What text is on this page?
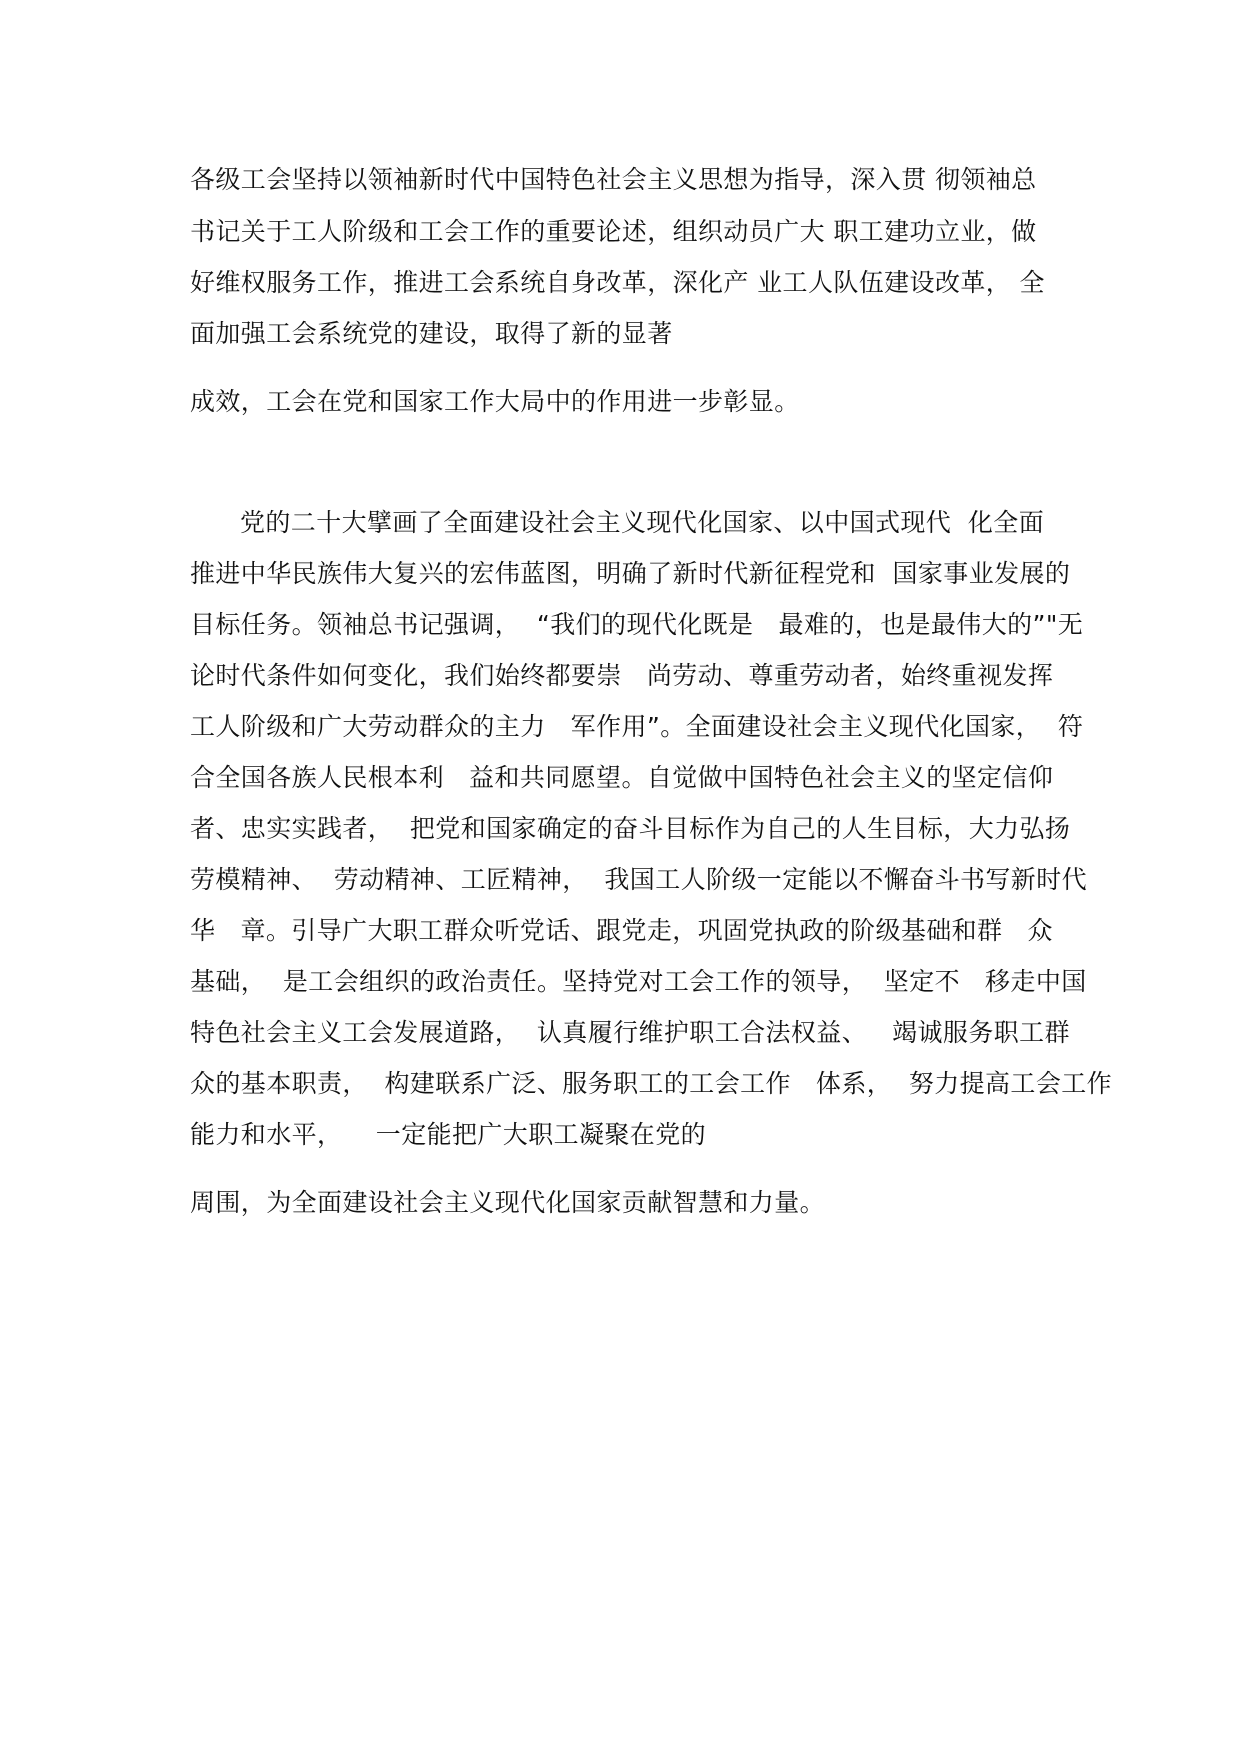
各级工会坚持以领袖新时代中国特色社会主义思想为指导，深入贯 彻领袖总
书记关于工人阶级和工会工作的重要论述，组织动员广大 职工建功立业，做
好维权服务工作，推进工会系统自身改革，深化产 业工人队伍建设改革， 全
面加强工会系统党的建设，取得了新的显著
成效，工会在党和国家工作大局中的作用进一步彰显。
党的二十大擘画了全面建设社会主义现代化国家、以中国式现代  化全面
推进中华民族伟大复兴的宏伟蓝图，明确了新时代新征程党和  国家事业发展的
目标任务。领袖总书记强调，  “我们的现代化既是   最难的，也是最伟大的”"无
论时代条件如何变化，我们始终都要崇   尚劳动、尊重劳动者，始终重视发挥
工人阶级和广大劳动群众的主力   军作用”。全面建设社会主义现代化国家，  符
合全国各族人民根本利   益和共同愿望。自觉做中国特色社会主义的坚定信仰
者、忠实实践者，  把党和国家确定的奋斗目标作为自己的人生目标，大力弘扬
劳模精神、  劳动精神、工匠精神，  我国工人阶级一定能以不懈奋斗书写新时代
华   章。引导广大职工群众听党话、跟党走，巩固党执政的阶级基础和群   众
基础，  是工会组织的政治责任。坚持党对工会工作的领导，  坚定不   移走中国
特色社会主义工会发展道路，  认真履行维护职工合法权益、   竭诚服务职工群
众的基本职责，  构建联系广泛、服务职工的工会工作   体系，  努力提高工会工作
能力和水平，    一定能把广大职工凝聚在党的
周围，为全面建设社会主义现代化国家贡献智慧和力量。
